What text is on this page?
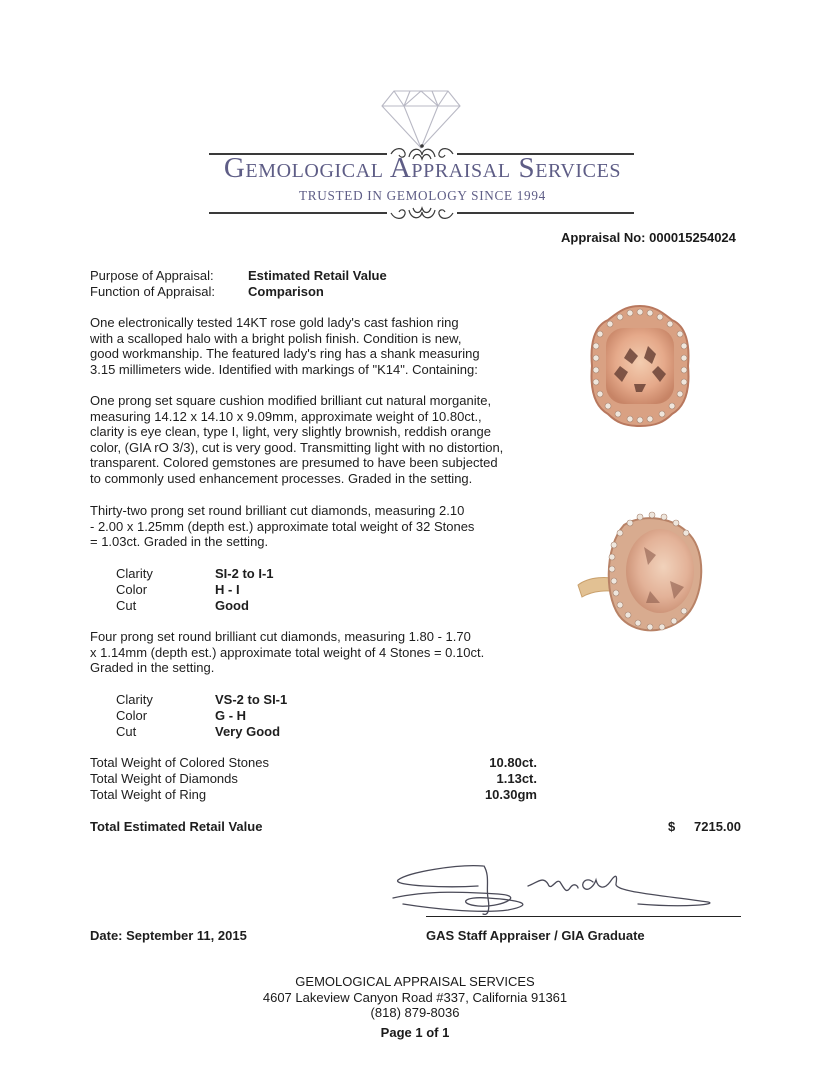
Gemological Appraisal Services
TRUSTED IN GEMOLOGY SINCE 1994
Appraisal No: 000015254024
Purpose of Appraisal:	Estimated Retail Value
Function of Appraisal:	Comparison
One electronically tested 14KT rose gold lady's cast fashion ring
with a scalloped halo with a bright polish finish. Condition is new,
good workmanship. The featured lady's ring has a shank measuring
3.15 millimeters wide. Identified with markings of "K14". Containing:
One prong set square cushion modified brilliant cut natural morganite,
measuring 14.12 x 14.10 x 9.09mm, approximate weight of 10.80ct.,
clarity is eye clean, type I, light, very slightly brownish, reddish orange
color, (GIA rO 3/3), cut is very good. Transmitting light with no distortion,
transparent. Colored gemstones are presumed to have been subjected
to commonly used enhancement processes. Graded in the setting.
Thirty-two prong set round brilliant cut diamonds, measuring 2.10
- 2.00 x 1.25mm (depth est.) approximate total weight of 32 Stones
= 1.03ct. Graded in the setting.
Clarity	SI-2 to I-1
Color	H - I
Cut	Good
Four prong set round brilliant cut diamonds, measuring 1.80 - 1.70
x 1.14mm (depth est.) approximate total weight of 4 Stones = 0.10ct.
Graded in the setting.
Clarity	VS-2 to SI-1
Color	G - H
Cut	Very Good
Total Weight of Colored Stones	10.80ct.
Total Weight of Diamonds	1.13ct.
Total Weight of Ring	10.30gm
Total Estimated Retail Value	$	7215.00
Date: September 11, 2015	GAS Staff Appraiser / GIA Graduate
GEMOLOGICAL APPRAISAL SERVICES
4607 Lakeview Canyon Road #337, California 91361
(818) 879-8036
Page 1 of 1
